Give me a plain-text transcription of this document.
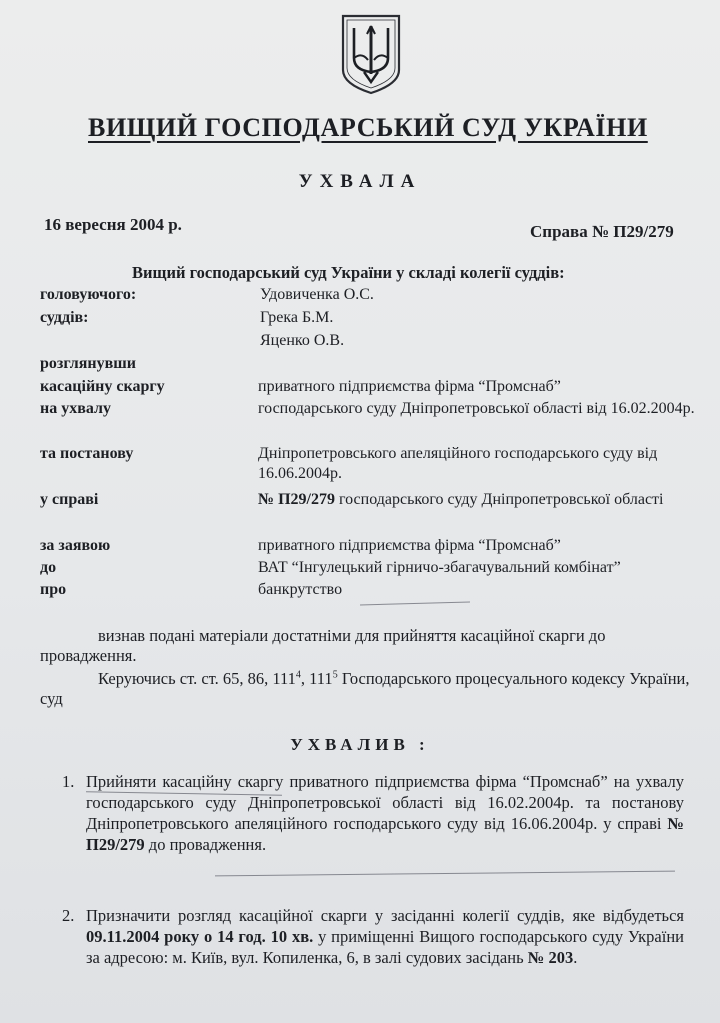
ВИЩИЙ ГОСПОДАРСЬКИЙ СУД УКРАЇНИ
УХВАЛА
16 вересня 2004 р.	Справа № П29/279
Вищий господарський суд України у складі колегії суддів:
головуючого:	Удовиченка О.С.
суддів:	Грека Б.М.
Яценко О.В.
розглянувши
касаційну скаргу	приватного підприємства фірма “Промснаб”
на ухвалу	господарського суду Дніпропетровської області від 16.02.2004р.
та постанову	Дніпропетровського апеляційного господарського суду від 16.06.2004р.
у справі	№ П29/279 господарського суду Дніпропетровської області
за заявою	приватного підприємства фірма “Промснаб”
до	ВАТ “Інгулецький гірничо-збагачувальний комбінат”
про	банкрутство
визнав подані матеріали достатніми для прийняття касаційної скарги до провадження.
Керуючись ст. ст. 65, 86, $111^4$, $111^5$ Господарського процесуального кодексу України, суд
УХВАЛИВ :
1. Прийняти касаційну скаргу приватного підприємства фірма “Промснаб” на ухвалу господарського суду Дніпропетровської області від 16.02.2004р. та постанову Дніпропетровського апеляційного господарського суду від 16.06.2004р. у справі № П29/279 до провадження.
2. Призначити розгляд касаційної скарги у засіданні колегії суддів, яке відбудеться 09.11.2004 року о 14 год. 10 хв. у приміщенні Вищого господарського суду України за адресою: м. Київ, вул. Копиленка, 6, в залі судових засідань № 203.
